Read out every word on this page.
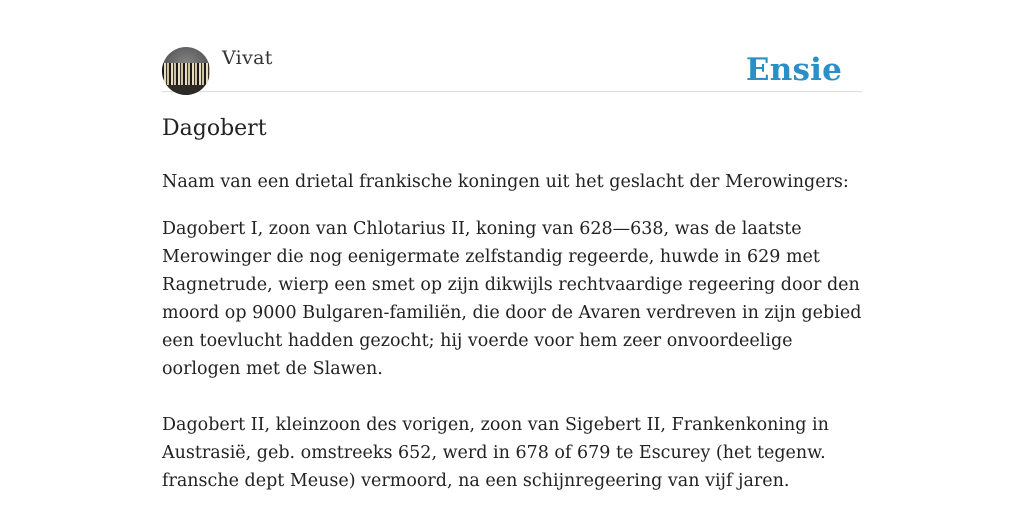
Vivat	Ensie
Dagobert

Naam van een drietal frankische koningen uit het geslacht der Merowingers:

Dagobert I, zoon van Chlotarius II, koning van 628—638, was de laatste Merowinger die nog eenigermate zelfstandig regeerde, huwde in 629 met Ragnetrude, wierp een smet op zijn dikwijls rechtvaardige regeering door den moord op 9000 Bulgaren-familiën, die door de Avaren verdreven in zijn gebied een toevlucht hadden gezocht; hij voerde voor hem zeer onvoordeelige oorlogen met de Slawen.

Dagobert II, kleinzoon des vorigen, zoon van Sigebert II, Frankenkoning in Austrasië, geb. omstreeks 652, werd in 678 of 679 te Escurey (het tegenw. fransche dept Meuse) vermoord, na een schijnregeering van vijf jaren.
